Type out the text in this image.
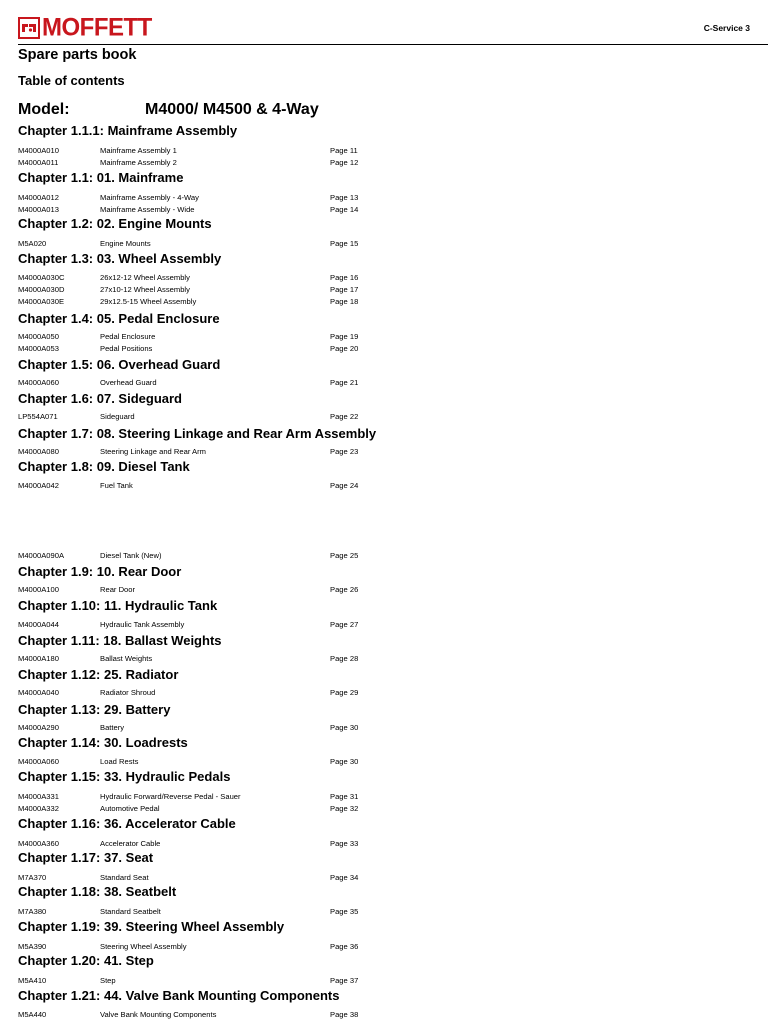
MOFFETT	C-Service 3
Spare parts book
Table of contents
Model:	M4000/ M4500 & 4-Way
Chapter 1.1.1: Mainframe Assembly
M4000A010	Mainframe Assembly 1	Page 11
M4000A011	Mainframe Assembly 2	Page 12
Chapter 1.1: 01. Mainframe
M4000A012	Mainframe Assembly - 4-Way	Page 13
M4000A013	Mainframe Assembly - Wide	Page 14
Chapter 1.2: 02. Engine Mounts
M5A020	Engine Mounts	Page 15
Chapter 1.3: 03. Wheel Assembly
M4000A030C	26x12-12 Wheel Assembly	Page 16
M4000A030D	27x10-12 Wheel Assembly	Page 17
M4000A030E	29x12.5-15 Wheel Assembly	Page 18
Chapter 1.4: 05. Pedal Enclosure
M4000A050	Pedal Enclosure	Page 19
M4000A053	Pedal Positions	Page 20
Chapter 1.5: 06. Overhead Guard
M4000A060	Overhead Guard	Page 21
Chapter 1.6: 07. Sideguard
LP554A071	Sideguard	Page 22
Chapter 1.7: 08. Steering Linkage and Rear Arm Assembly
M4000A080	Steering Linkage and Rear Arm	Page 23
Chapter 1.8: 09. Diesel Tank
M4000A042	Fuel Tank	Page 24
M4000A090A	Diesel Tank (New)	Page 25
Chapter 1.9: 10. Rear Door
M4000A100	Rear Door	Page 26
Chapter 1.10: 11. Hydraulic Tank
M4000A044	Hydraulic Tank Assembly	Page 27
Chapter 1.11: 18. Ballast Weights
M4000A180	Ballast Weights	Page 28
Chapter 1.12: 25. Radiator
M4000A040	Radiator Shroud	Page 29
Chapter 1.13: 29. Battery
M4000A290	Battery	Page 30
Chapter 1.14: 30. Loadrests
M4000A060	Load Rests	Page 30
Chapter 1.15: 33. Hydraulic Pedals
M4000A331	Hydraulic Forward/Reverse Pedal - Sauer	Page 31
M4000A332	Automotive Pedal	Page 32
Chapter 1.16: 36. Accelerator Cable
M4000A360	Accelerator Cable	Page 33
Chapter 1.17: 37. Seat
M7A370	Standard Seat	Page 34
Chapter 1.18: 38. Seatbelt
M7A380	Standard Seatbelt	Page 35
Chapter 1.19: 39. Steering Wheel Assembly
M5A390	Steering Wheel Assembly	Page 36
Chapter 1.20: 41. Step
M5A410	Step	Page 37
Chapter 1.21: 44. Valve Bank Mounting Components
M5A440	Valve Bank Mounting Components	Page 38
